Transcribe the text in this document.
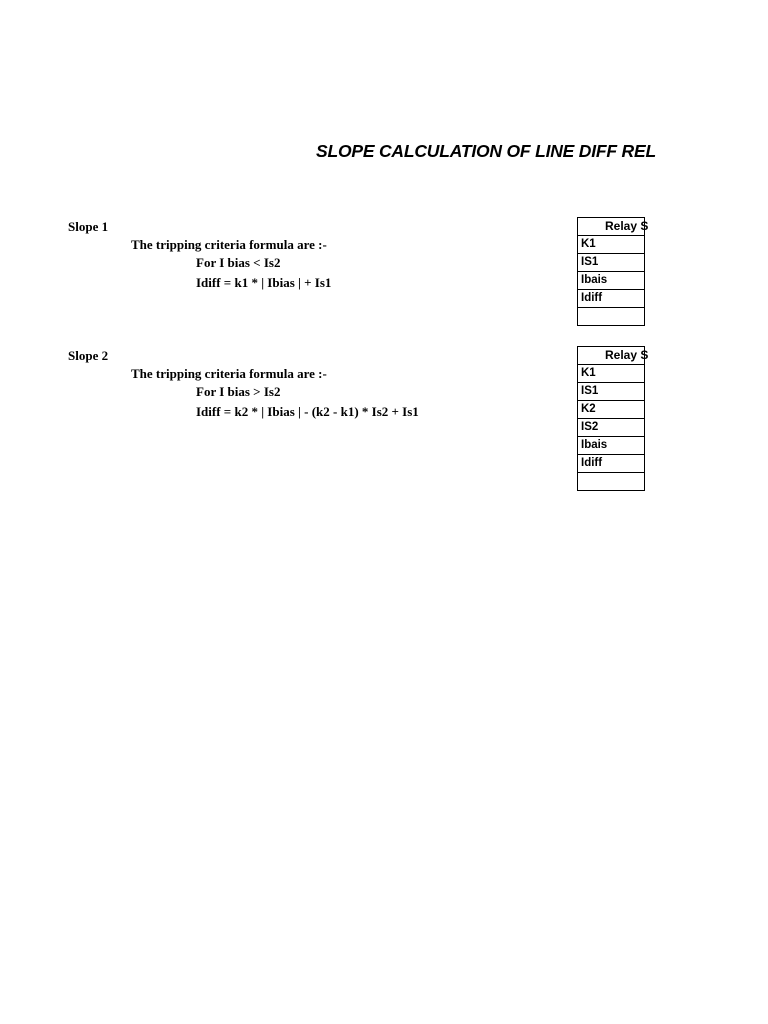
SLOPE CALCULATION OF LINE DIFF REL
Slope 1
The tripping criteria formula are :-
For I bias < Is2
Idiff = k1 * | Ibias | + Is1
Relay S
K1
IS1
Ibais
Idiff
Slope 2
The tripping criteria formula are :-
For I bias > Is2
Idiff = k2 * | Ibias | - (k2 - k1) * Is2 + Is1
Relay S
K1
IS1
K2
IS2
Ibais
Idiff
